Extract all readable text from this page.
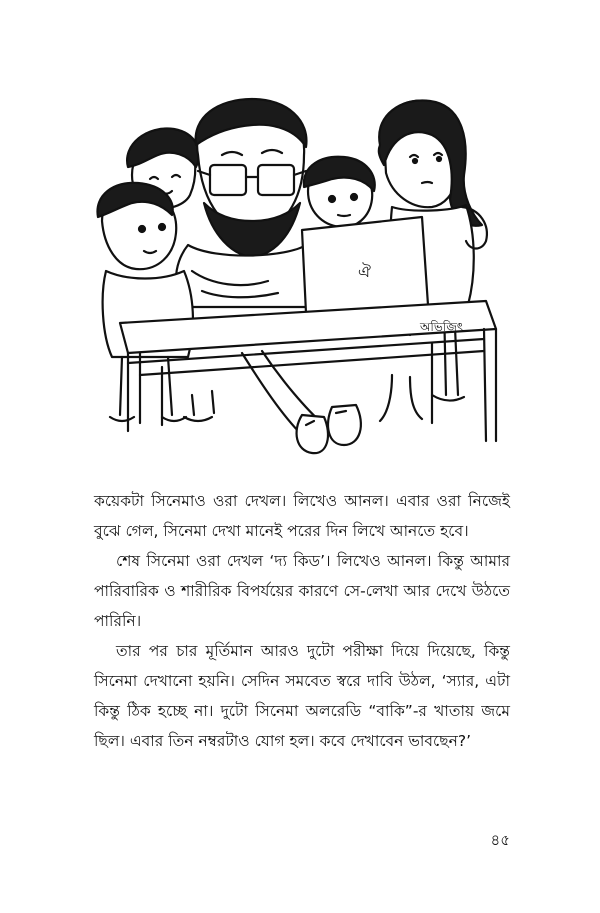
ঐ
অভিজিৎ

কয়েকটা সিনেমাও ওরা দেখল। লিখেও আনল। এবার ওরা নিজেই বুঝে গেল, সিনেমা দেখা মানেই পরের দিন লিখে আনতে হবে।

শেষ সিনেমা ওরা দেখল ‘দ্য কিড’। লিখেও আনল। কিন্তু আমার পারিবারিক ও শারীরিক বিপর্যয়ের কারণে সে-লেখা আর দেখে উঠতে পারিনি।

তার পর চার মূর্তিমান আরও দুটো পরীক্ষা দিয়ে দিয়েছে, কিন্তু সিনেমা দেখানো হয়নি। সেদিন সমবেত স্বরে দাবি উঠল, ‘স্যার, এটা কিন্তু ঠিক হচ্ছে না। দুটো সিনেমা অলরেডি “বাকি”-র খাতায় জমে ছিল। এবার তিন নম্বরটাও যোগ হল। কবে দেখাবেন ভাবছেন?’

৪৫
